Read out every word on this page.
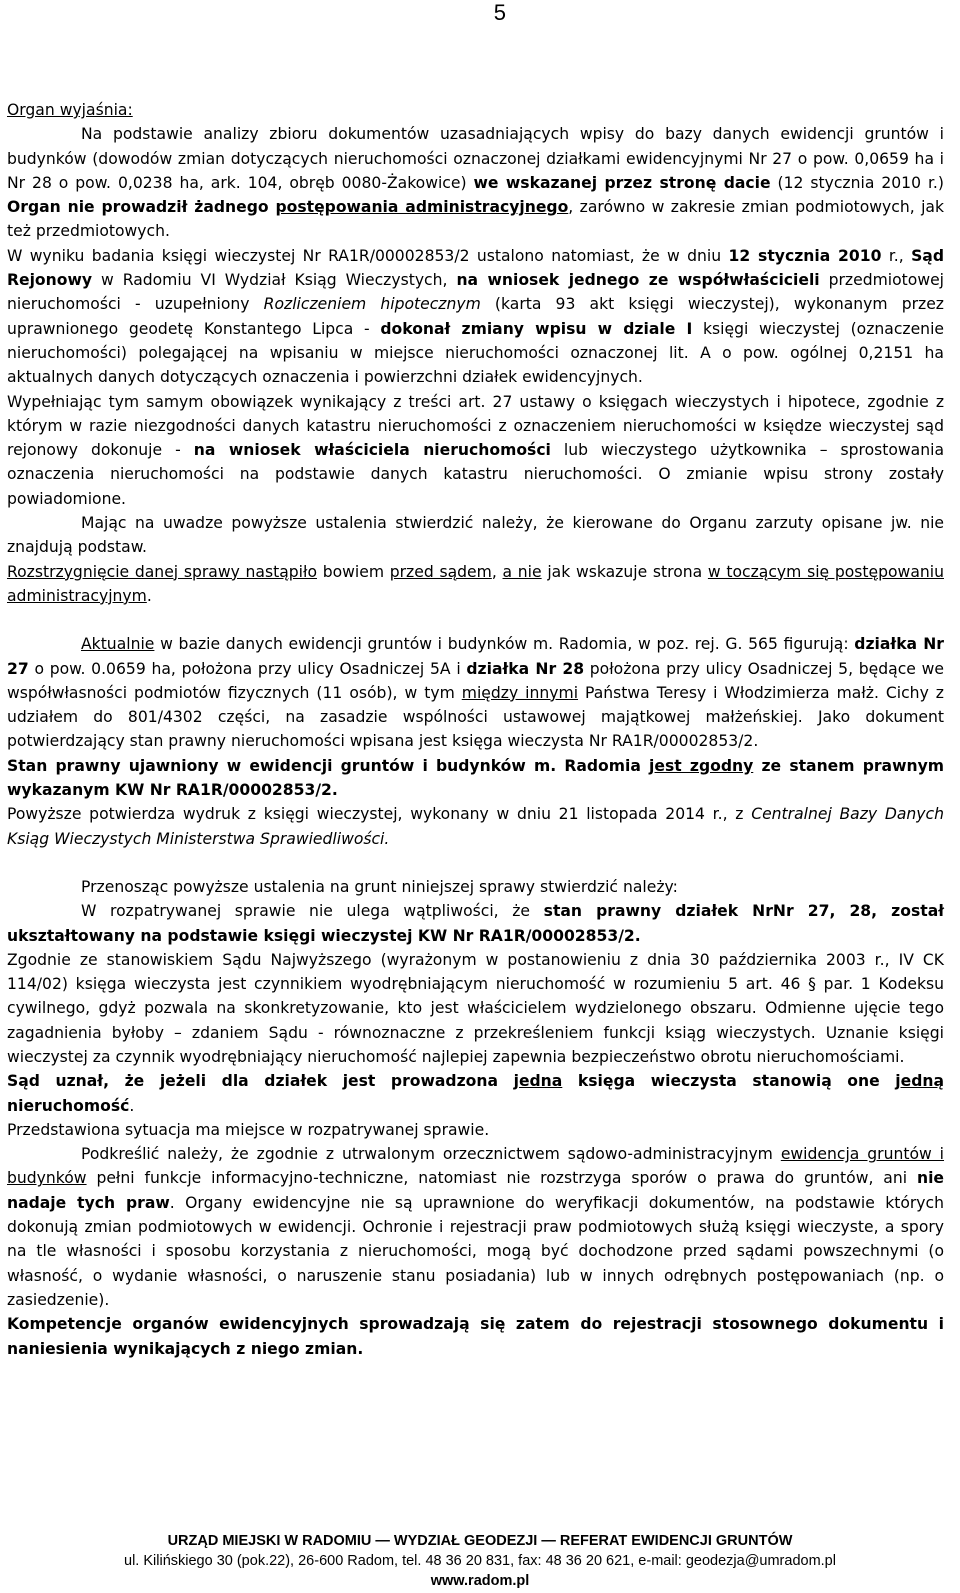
5

Organ wyjaśnia:

Na podstawie analizy zbioru dokumentów uzasadniających wpisy do bazy danych ewidencji gruntów i budynków (dowodów zmian dotyczących nieruchomości oznaczonej działkami ewidencyjnymi Nr 27 o pow. 0,0659 ha i Nr 28 o pow. 0,0238 ha, ark. 104, obręb 0080-Żakowice) we wskazanej przez stronę dacie (12 stycznia 2010 r.) Organ nie prowadził żadnego postępowania administracyjnego, zarówno w zakresie zmian podmiotowych, jak też przedmiotowych.

W wyniku badania księgi wieczystej Nr RA1R/00002853/2 ustalono natomiast, że w dniu 12 stycznia 2010 r., Sąd Rejonowy w Radomiu VI Wydział Ksiąg Wieczystych, na wniosek jednego ze współwłaścicieli przedmiotowej nieruchomości - uzupełniony Rozliczeniem hipotecznym (karta 93 akt księgi wieczystej), wykonanym przez uprawnionego geodetę Konstantego Lipca - dokonał zmiany wpisu w dziale I księgi wieczystej (oznaczenie nieruchomości) polegającej na wpisaniu w miejsce nieruchomości oznaczonej lit. A o pow. ogólnej 0,2151 ha aktualnych danych dotyczących oznaczenia i powierzchni działek ewidencyjnych.

Wypełniając tym samym obowiązek wynikający z treści art. 27 ustawy o księgach wieczystych i hipotece, zgodnie z którym w razie niezgodności danych katastru nieruchomości z oznaczeniem nieruchomości w księdze wieczystej sąd rejonowy dokonuje - na wniosek właściciela nieruchomości lub wieczystego użytkownika – sprostowania oznaczenia nieruchomości na podstawie danych katastru nieruchomości. O zmianie wpisu strony zostały powiadomione.

Mając na uwadze powyższe ustalenia stwierdzić należy, że kierowane do Organu zarzuty opisane jw. nie znajdują podstaw.

Rozstrzygnięcie danej sprawy nastąpiło bowiem przed sądem, a nie jak wskazuje strona w toczącym się postępowaniu administracyjnym.

Aktualnie w bazie danych ewidencji gruntów i budynków m. Radomia, w poz. rej. G. 565 figurują: działka Nr 27 o pow. 0.0659 ha, położona przy ulicy Osadniczej 5A i działka Nr 28 położona przy ulicy Osadniczej 5, będące we współwłasności podmiotów fizycznych (11 osób), w tym między innymi Państwa Teresy i Włodzimierza małż. Cichy z udziałem do 801/4302 części, na zasadzie wspólności ustawowej majątkowej małżeńskiej. Jako dokument potwierdzający stan prawny nieruchomości wpisana jest księga wieczysta Nr RA1R/00002853/2.

Stan prawny ujawniony w ewidencji gruntów i budynków m. Radomia jest zgodny ze stanem prawnym wykazanym KW Nr RA1R/00002853/2.

Powyższe potwierdza wydruk z księgi wieczystej, wykonany w dniu 21 listopada 2014 r., z Centralnej Bazy Danych Ksiąg Wieczystych Ministerstwa Sprawiedliwości.

Przenosząc powyższe ustalenia na grunt niniejszej sprawy stwierdzić należy:

W rozpatrywanej sprawie nie ulega wątpliwości, że stan prawny działek NrNr 27, 28, został ukształtowany na podstawie księgi wieczystej KW Nr RA1R/00002853/2.

Zgodnie ze stanowiskiem Sądu Najwyższego (wyrażonym w postanowieniu z dnia 30 października 2003 r., IV CK 114/02) księga wieczysta jest czynnikiem wyodrębniającym nieruchomość w rozumieniu 5 art. 46 § par. 1 Kodeksu cywilnego, gdyż pozwala na skonkretyzowanie, kto jest właścicielem wydzielonego obszaru. Odmienne ujęcie tego zagadnienia byłoby – zdaniem Sądu - równoznaczne z przekreśleniem funkcji ksiąg wieczystych. Uznanie księgi wieczystej za czynnik wyodrębniający nieruchomość najlepiej zapewnia bezpieczeństwo obrotu nieruchomościami.

Sąd uznał, że jeżeli dla działek jest prowadzona jedna księga wieczysta stanowią one jedną nieruchomość.

Przedstawiona sytuacja ma miejsce w rozpatrywanej sprawie.

Podkreślić należy, że zgodnie z utrwalonym orzecznictwem sądowo-administracyjnym ewidencja gruntów i budynków pełni funkcje informacyjno-techniczne, natomiast nie rozstrzyga sporów o prawa do gruntów, ani nie nadaje tych praw. Organy ewidencyjne nie są uprawnione do weryfikacji dokumentów, na podstawie których dokonują zmian podmiotowych w ewidencji. Ochronie i rejestracji praw podmiotowych służą księgi wieczyste, a spory na tle własności i sposobu korzystania z nieruchomości, mogą być dochodzone przed sądami powszechnymi (o własność, o wydanie własności, o naruszenie stanu posiadania) lub w innych odrębnych postępowaniach (np. o zasiedzenie).

Kompetencje organów ewidencyjnych sprowadzają się zatem do rejestracji stosownego dokumentu i naniesienia wynikających z niego zmian.

URZĄD MIEJSKI W RADOMIU — WYDZIAŁ GEODEZJI — REFERAT EWIDENCJI GRUNTÓW
ul. Kilińskiego 30 (pok.22), 26-600 Radom, tel. 48 36 20 831, fax: 48 36 20 621, e-mail: geodezja@umradom.pl
www.radom.pl
